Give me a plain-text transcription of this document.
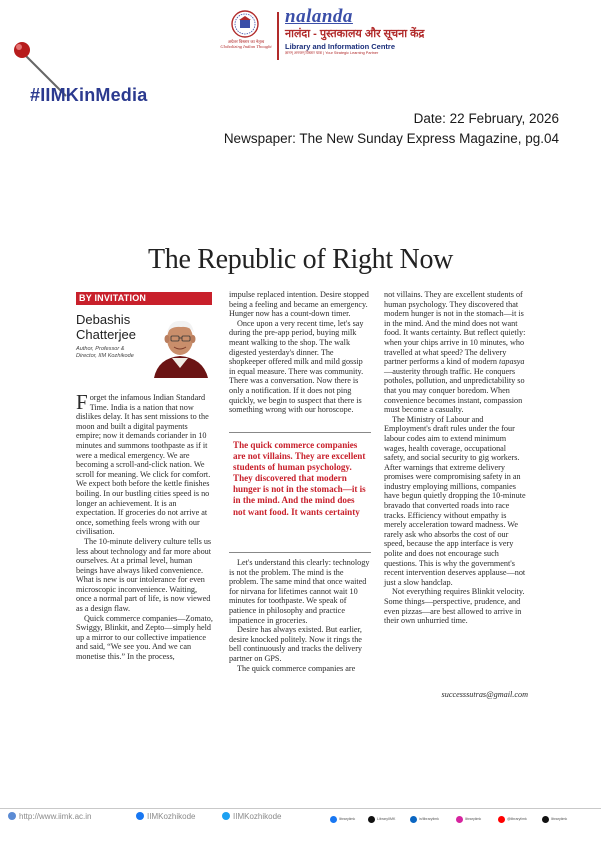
अग्रेतर विस्तार का नेतृत्व
Globalizing Indian Thought
nalanda
नालंदा - पुस्तकालय और सूचना केंद्र
Library and Information Centre
ज्ञानम् अनन्तम् विस्तार यात्रा | Your Strategic Learning Partner
#IIMKinMedia
Date: 22 February, 2026
Newspaper: The New Sunday Express Magazine, pg.04
The Republic of Right Now
BY INVITATION
Debashis
Chatterjee
Author, Professor &
Director, IIM Kozhikode

Forget the infamous Indian Standard Time. India is a nation that now dislikes delay. It has sent missions to the moon and built a digital payments empire; now it demands coriander in 10 minutes and summons toothpaste as if it were a medical emergency. We are becoming a scroll-and-click nation. We scroll for meaning. We click for comfort. We expect both before the kettle finishes boiling. In our bustling cities speed is no longer an achievement. It is an expectation. If groceries do not arrive at once, something feels wrong with our civilisation.

The 10-minute delivery culture tells us less about technology and far more about ourselves. At a primal level, human beings have always liked convenience. What is new is our intolerance for even microscopic inconvenience. Waiting, once a normal part of life, is now viewed as a design flaw.

Quick commerce companies—Zomato, Swiggy, Blinkit, and Zepto—simply held up a mirror to our collective impatience and said, “We see you. And we can monetise this.” In the process,

impulse replaced intention. Desire stopped being a feeling and became an emergency. Hunger now has a count-down timer.

Once upon a very recent time, let's say during the pre-app period, buying milk meant walking to the shop. The walk digested yesterday's dinner. The shopkeeper offered milk and mild gossip in equal measure. There was community. There was a conversation. Now there is only a notification. If it does not ping quickly, we begin to suspect that there is something wrong with our horoscope.

The quick commerce companies are not villains. They are excellent students of human psychology. They discovered that modern hunger is not in the stomach—it is in the mind. And the mind does not want food. It wants certainty

Let's understand this clearly: technology is not the problem. The mind is the problem. The same mind that once waited for nirvana for lifetimes cannot wait 10 minutes for toothpaste. We speak of patience in philosophy and practice impatience in groceries.

Desire has always existed. But earlier, desire knocked politely. Now it rings the bell continuously and tracks the delivery partner on GPS.

The quick commerce companies are

not villains. They are excellent students of human psychology. They discovered that modern hunger is not in the stomach—it is in the mind. And the mind does not want food. It wants certainty. But reflect quietly: when your chips arrive in 10 minutes, who travelled at what speed? The delivery partner performs a kind of modern tapasya—austerity through traffic. He conquers potholes, pollution, and unpredictability so that you may conquer boredom. When convenience becomes instant, compassion must become a casualty.

The Ministry of Labour and Employment's draft rules under the four labour codes aim to extend minimum wages, health coverage, occupational safety, and social security to gig workers. After warnings that extreme delivery promises were compromising safety in an industry employing millions, companies have begun quietly dropping the 10-minute bravado that converted roads into race tracks. Efficiency without empathy is merely acceleration toward madness. We rarely ask who absorbs the cost of our speed, because the app interface is very polite and does not encourage such questions. This is why the government's recent intervention deserves applause—not just a slow handclap.

Not everything requires Blinkit velocity. Some things—perspective, prudence, and even pizzas—are best allowed to arrive in their own unhurried time.

successsutras@gmail.com
http://www.iimk.ac.in	IIMKozhikode	IIMKozhikode	libraryiimk	LibraryIIMK	in/libraryiimk	libraryiimk	@libraryiimk	libraryiimk
